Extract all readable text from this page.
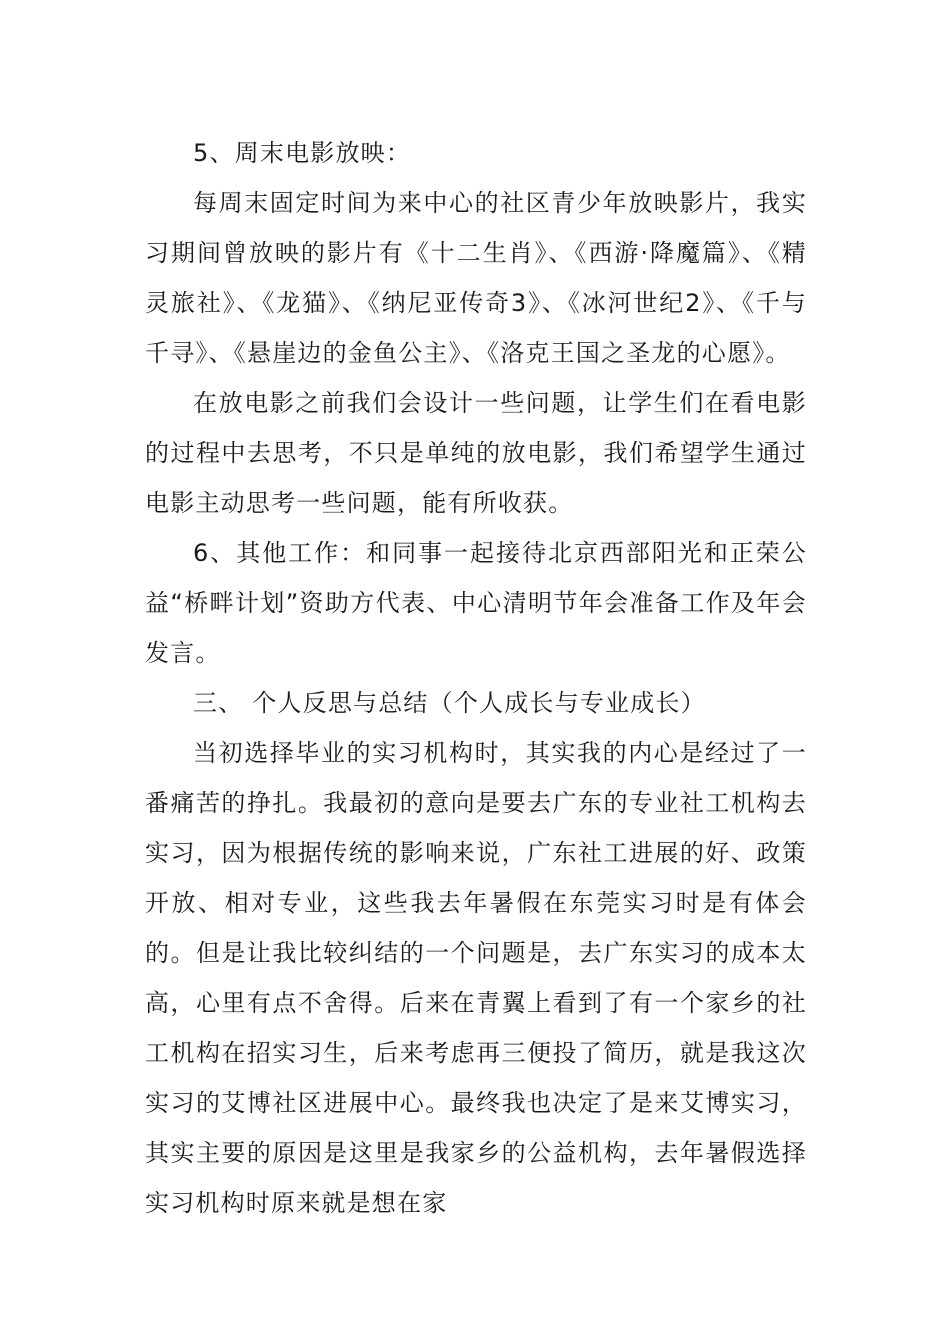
5、周末电影放映：

每周末固定时间为来中心的社区青少年放映影片，我实习期间曾放映的影片有《十二生肖》、《西游·降魔篇》、《精灵旅社》、《龙猫》、《纳尼亚传奇3》、《冰河世纪2》、《千与千寻》、《悬崖边的金鱼公主》、《洛克王国之圣龙的心愿》。

在放电影之前我们会设计一些问题，让学生们在看电影的过程中去思考，不只是单纯的放电影，我们希望学生通过电影主动思考一些问题，能有所收获。

6、其他工作：和同事一起接待北京西部阳光和正荣公益“桥畔计划”资助方代表、中心清明节年会准备工作及年会发言。

三、 个人反思与总结（个人成长与专业成长）

当初选择毕业的实习机构时，其实我的内心是经过了一番痛苦的挣扎。我最初的意向是要去广东的专业社工机构去实习，因为根据传统的影响来说，广东社工进展的好、政策开放、相对专业，这些我去年暑假在东莞实习时是有体会的。但是让我比较纠结的一个问题是，去广东实习的成本太高，心里有点不舍得。后来在青翼上看到了有一个家乡的社工机构在招实习生，后来考虑再三便投了简历，就是我这次实习的艾博社区进展中心。最终我也决定了是来艾博实习，其实主要的原因是这里是我家乡的公益机构，去年暑假选择实习机构时原来就是想在家
